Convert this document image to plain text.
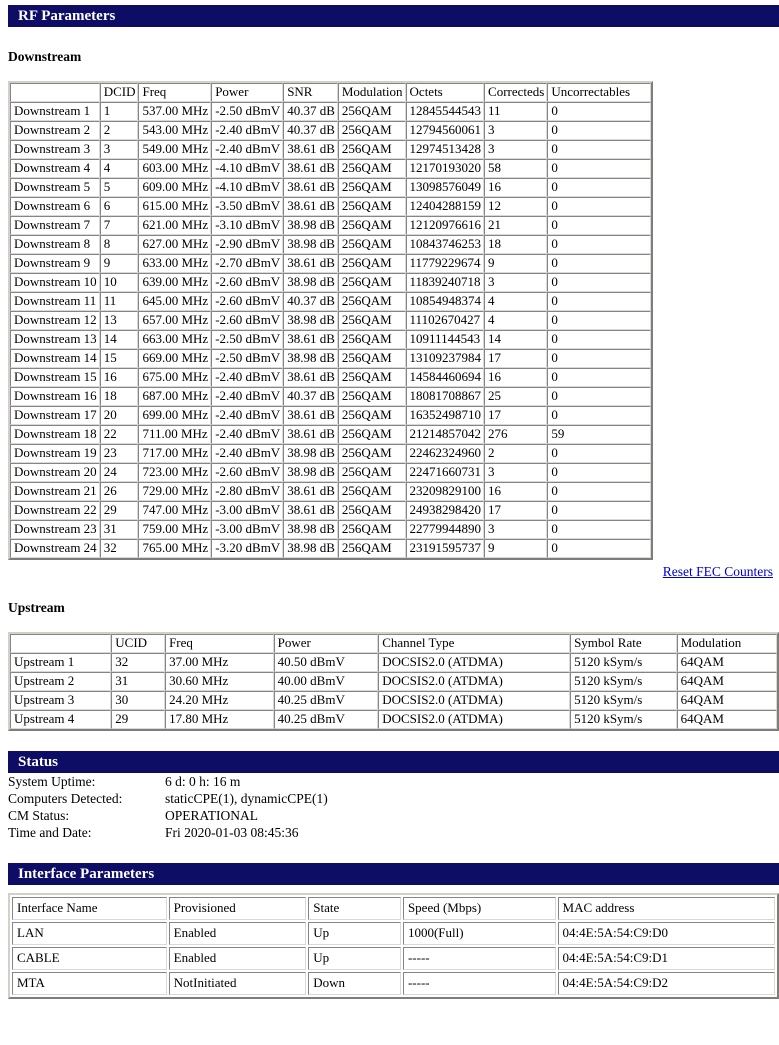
RF Parameters
Downstream
	DCID	Freq	Power	SNR	Modulation	Octets	Correcteds	Uncorrectables
Downstream 1	1	537.00 MHz	-2.50 dBmV	40.37 dB	256QAM	12845544543	11	0
Downstream 2	2	543.00 MHz	-2.40 dBmV	40.37 dB	256QAM	12794560061	3	0
Downstream 3	3	549.00 MHz	-2.40 dBmV	38.61 dB	256QAM	12974513428	3	0
Downstream 4	4	603.00 MHz	-4.10 dBmV	38.61 dB	256QAM	12170193020	58	0
Downstream 5	5	609.00 MHz	-4.10 dBmV	38.61 dB	256QAM	13098576049	16	0
Downstream 6	6	615.00 MHz	-3.50 dBmV	38.61 dB	256QAM	12404288159	12	0
Downstream 7	7	621.00 MHz	-3.10 dBmV	38.98 dB	256QAM	12120976616	21	0
Downstream 8	8	627.00 MHz	-2.90 dBmV	38.98 dB	256QAM	10843746253	18	0
Downstream 9	9	633.00 MHz	-2.70 dBmV	38.61 dB	256QAM	11779229674	9	0
Downstream 10	10	639.00 MHz	-2.60 dBmV	38.98 dB	256QAM	11839240718	3	0
Downstream 11	11	645.00 MHz	-2.60 dBmV	40.37 dB	256QAM	10854948374	4	0
Downstream 12	13	657.00 MHz	-2.60 dBmV	38.98 dB	256QAM	11102670427	4	0
Downstream 13	14	663.00 MHz	-2.50 dBmV	38.61 dB	256QAM	10911144543	14	0
Downstream 14	15	669.00 MHz	-2.50 dBmV	38.98 dB	256QAM	13109237984	17	0
Downstream 15	16	675.00 MHz	-2.40 dBmV	38.61 dB	256QAM	14584460694	16	0
Downstream 16	18	687.00 MHz	-2.40 dBmV	40.37 dB	256QAM	18081708867	25	0
Downstream 17	20	699.00 MHz	-2.40 dBmV	38.61 dB	256QAM	16352498710	17	0
Downstream 18	22	711.00 MHz	-2.40 dBmV	38.61 dB	256QAM	21214857042	276	59
Downstream 19	23	717.00 MHz	-2.40 dBmV	38.98 dB	256QAM	22462324960	2	0
Downstream 20	24	723.00 MHz	-2.60 dBmV	38.98 dB	256QAM	22471660731	3	0
Downstream 21	26	729.00 MHz	-2.80 dBmV	38.61 dB	256QAM	23209829100	16	0
Downstream 22	29	747.00 MHz	-3.00 dBmV	38.61 dB	256QAM	24938298420	17	0
Downstream 23	31	759.00 MHz	-3.00 dBmV	38.98 dB	256QAM	22779944890	3	0
Downstream 24	32	765.00 MHz	-3.20 dBmV	38.98 dB	256QAM	23191595737	9	0
Reset FEC Counters
Upstream
	UCID	Freq	Power	Channel Type	Symbol Rate	Modulation
Upstream 1	32	37.00 MHz	40.50 dBmV	DOCSIS2.0 (ATDMA)	5120 kSym/s	64QAM
Upstream 2	31	30.60 MHz	40.00 dBmV	DOCSIS2.0 (ATDMA)	5120 kSym/s	64QAM
Upstream 3	30	24.20 MHz	40.25 dBmV	DOCSIS2.0 (ATDMA)	5120 kSym/s	64QAM
Upstream 4	29	17.80 MHz	40.25 dBmV	DOCSIS2.0 (ATDMA)	5120 kSym/s	64QAM
Status
System Uptime:	6 d: 0 h: 16 m
Computers Detected:	staticCPE(1), dynamicCPE(1)
CM Status:	OPERATIONAL
Time and Date:	Fri 2020-01-03 08:45:36
Interface Parameters
Interface Name	Provisioned	State	Speed (Mbps)	MAC address
LAN	Enabled	Up	1000(Full)	04:4E:5A:54:C9:D0
CABLE	Enabled	Up	-----	04:4E:5A:54:C9:D1
MTA	NotInitiated	Down	-----	04:4E:5A:54:C9:D2
